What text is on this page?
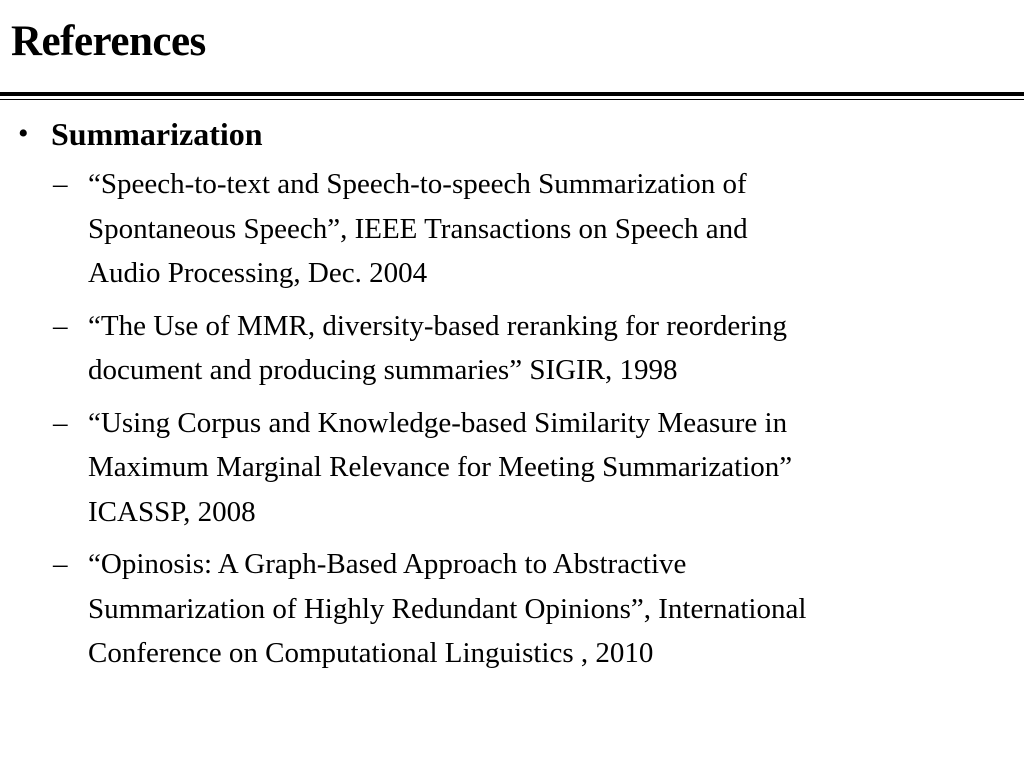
References
• Summarization
– “Speech-to-text and Speech-to-speech Summarization of
Spontaneous Speech”, IEEE Transactions on Speech and
Audio Processing, Dec. 2004
– “The Use of MMR, diversity-based reranking for reordering
document and producing summaries” SIGIR, 1998
– “Using Corpus and Knowledge-based Similarity Measure in
Maximum Marginal Relevance for Meeting Summarization”
ICASSP, 2008
– “Opinosis: A Graph-Based Approach to Abstractive
Summarization of Highly Redundant Opinions”, International
Conference on Computational Linguistics , 2010
